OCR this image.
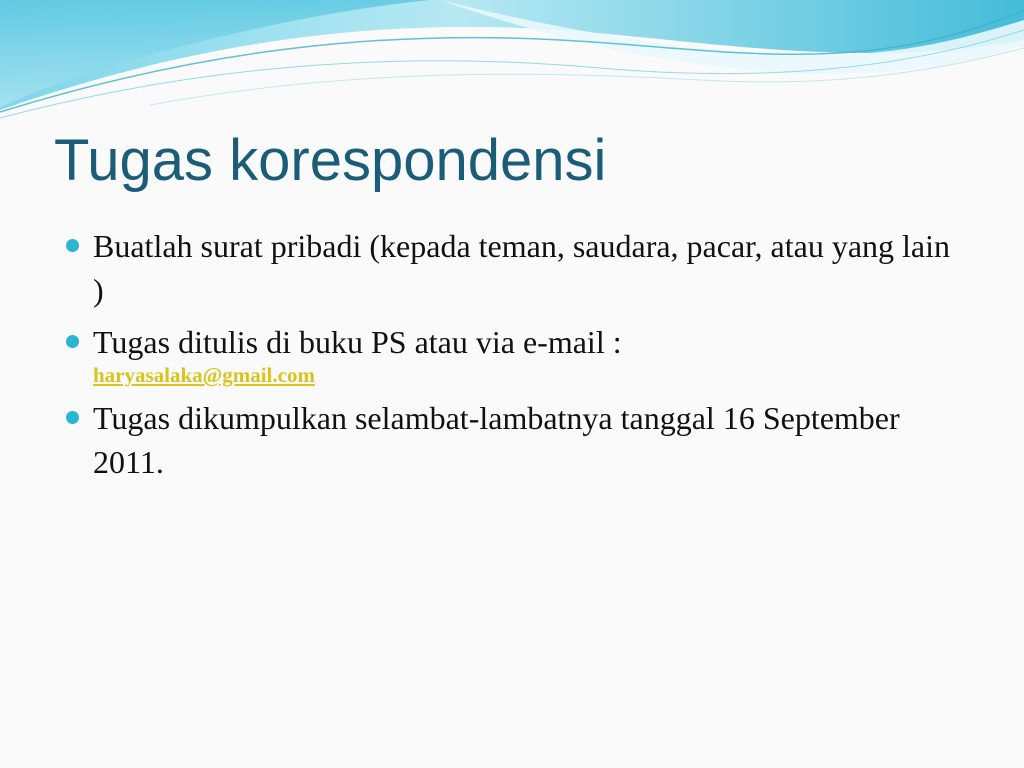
Tugas korespondensi
Buatlah surat pribadi (kepada teman, saudara, pacar, atau yang lain )
Tugas ditulis di buku PS atau via e-mail :
haryasalaka@gmail.com
Tugas dikumpulkan selambat-lambatnya tanggal 16 September 2011.
